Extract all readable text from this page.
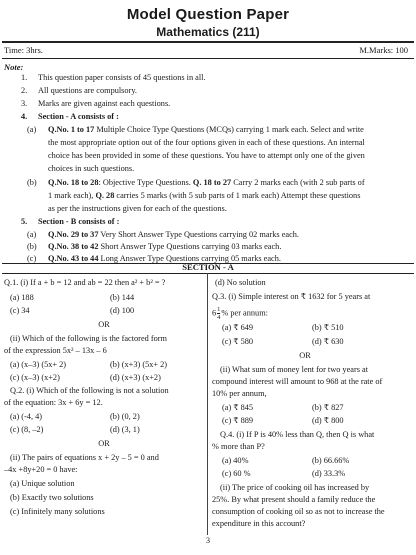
Model Question Paper
Mathematics (211)
Time: 3hrs.	M.Marks: 100
Note:
1. This question paper consists of 45 questions in all.
2. All questions are compulsory.
3. Marks are given against each questions.
4. Section - A consists of :
(a) Q.No. 1 to 17 Multiple Choice Type Questions (MCQs) carrying 1 mark each. Select and write
the most appropriate option out of the four options given in each of these questions. An internal
choice has been provided in some of these questions. You have to attempt only one of the given
choices in such questions.
(b) Q.No. 18 to 28: Objective Type Questions. Q. 18 to 27 Carry 2 marks each (with 2 sub parts of
1 mark each), Q. 28 carries 5 marks (with 5 sub parts of 1 mark each) Attempt these questions
as per the instructions given for each of the questions.
5. Section - B consists of :
(a) Q.No. 29 to 37 Very Short Answer Type Questions carrying 02 marks each.
(b) Q.No. 38 to 42 Short Answer Type Questions carrying 03 marks each.
(c) Q.No. 43 to 44 Long Answer Type Questions carrying 05 marks each.
SECTION - A
Q.1. (i) If a + b = 12 and ab = 22 then a² + b² = ?
(a) 188	(b) 144
(c) 34	(d) 100
OR
(ii) Which of the following is the factored form
of the expression 5x² – 13x – 6
(a) (x–3) (5x+ 2)	(b) (x+3) (5x+ 2)
(c) (x–3) (x+2)	(d) (x+3) (x+2)
Q.2. (i) Which of the following is not a solution
of the equation: 3x + 6y = 12.
(a) (-4, 4)	(b) (0, 2)
(c) (8, –2)	(d) (3, 1)
OR
(ii) The pairs of equations x + 2y – 5 = 0 and
–4x +8y+20 = 0 have:
(a) Unique solution
(b) Exactly two solutions
(c) Infinitely many solutions
(d) No solution
Q.3. (i) Simple interest on ₹ 1632 for 5 years at
$6 \frac{1}{4}$ % per annum:
(a) ₹ 649	(b) ₹ 510
(c) ₹ 580	(d) ₹ 630
OR
(ii) What sum of money lent for two years at
compound interest will amount to 968 at the rate of
10% per annum,
(a) ₹ 845	(b) ₹ 827
(c) ₹ 889	(d) ₹ 800
Q.4. (i) If P is 40% less than Q, then Q is what
% more than P?
(a) 40%	(b) 66.66%
(c) 60 %	(d) 33.3%
(ii) The price of cooking oil has increased by
25%. By what present should a family reduce the
consumption of cooking oil so as not to increase the
expenditure in this account?
3
